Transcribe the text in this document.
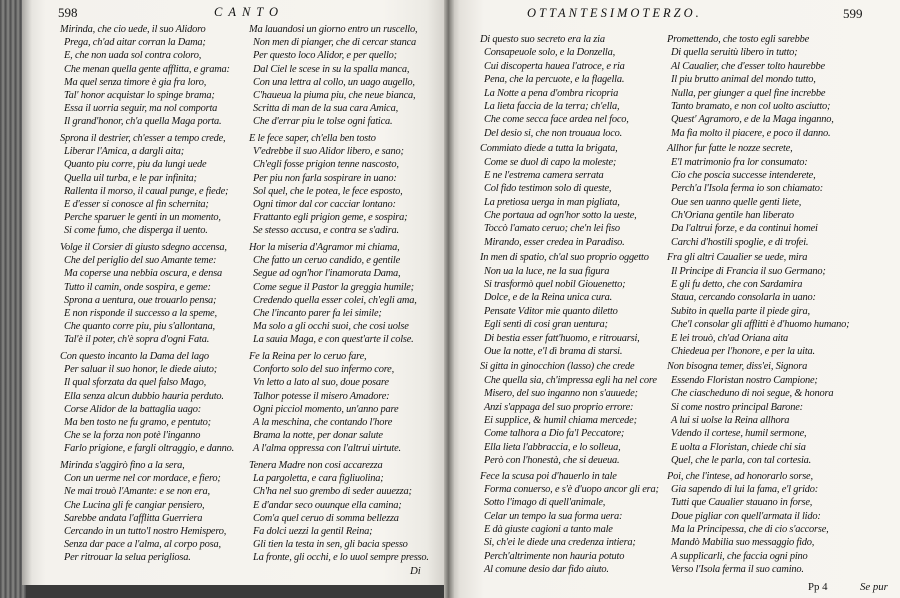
598	CANTO
Mirinda, che cio uede, il suo Alidoro
Prega, ch'ad aitar corran la Dama;
E, che non uada sol contra coloro,
Che menan quella gente afflitta, e grama:
Ma quel senza timore è gia fra loro,
Tal' honor acquistar lo spinge brama;
Essa il uorria seguir, ma nol comporta
Il grand'honor, ch'a quella Maga porta.
Sprona il destrier, ch'esser a tempo crede,
Liberar l'Amica, a dargli aita;
Quanto piu corre, piu da lungi uede
Quella uil turba, e le par infinita;
Rallenta il morso, il caual punge, e fiede;
E d'esser si conosce al fin schernita;
Perche sparuer le genti in un momento,
Si come fumo, che disperga il uento.
Volge il Corsier di giusto sdegno accensa,
Che del periglio del suo Amante teme:
Ma coperse una nebbia oscura, e densa
Tutto il camin, onde sospira, e geme:
Sprona a uentura, oue trouarlo pensa;
E non risponde il successo a la speme,
Che quanto corre piu, piu s'allontana,
Tal'è il poter, ch'è sopra d'ogni Fata.
Con questo incanto la Dama del lago
Per saluar il suo honor, le diede aiuto;
Il qual sforzata da quel falso Mago,
Ella senza alcun dubbio hauria perduto.
Corse Alidor de la battaglia uago:
Ma ben tosto ne fu gramo, e pentuto;
Che se la forza non potè l'inganno
Farlo prigione, e fargli oltraggio, e danno.
Mirinda s'aggirò fino a la sera,
Con un uerme nel cor mordace, e fiero;
Ne mai trouò l'Amante: e se non era,
Che Lucina gli fe cangiar pensiero,
Sarebbe andata l'afflitta Guerriera
Cercando in un tutto'l nostro Hemispero,
Senza dar pace a l'alma, al corpo posa,
Per ritrouar la selua perigliosa.
Ma lauandosi un giorno entro un ruscello,
Non men di pianger, che di cercar stanca
Per questo loco Alidor, e per quello;
Dal Ciel le scese in su la spalla manca,
Con una lettra al collo, un uago augello,
C'haueua la piuma piu, che neue bianca,
Scritta di man de la sua cara Amica,
Che d'errar piu le tolse ogni fatica.
E le fece saper, ch'ella ben tosto
V'edrebbe il suo Alidor libero, e sano;
Ch'egli fosse prigion tenne nascosto,
Per piu non farla sospirare in uano:
Sol quel, che le potea, le fece esposto,
Ogni timor dal cor cacciar lontano:
Frattanto egli prigion geme, e sospira;
Se stesso accusa, e contra se s'adira.
Hor la miseria d'Agramor mi chiama,
Che fatto un ceruo candido, e gentile
Segue ad ogn'hor l'inamorata Dama,
Come segue il Pastor la greggia humile;
Credendo quella esser colei, ch'egli ama,
Che l'incanto parer fa lei simile;
Ma solo a gli occhi suoi, che cosi uolse
La sauia Maga, e con quest'arte il colse.
Fe la Reina per lo ceruo fare,
Conforto solo del suo infermo core,
Vn letto a lato al suo, doue posare
Talhor potesse il misero Amadore:
Ogni picciol momento, un'anno pare
A la meschina, che contando l'hore
Brama la notte, per donar salute
A l'alma oppressa con l'altrui uirtute.
Tenera Madre non cosi accarezza
La pargoletta, e cara figliuolina;
Ch'ha nel suo grembo di seder auuezza;
E d'andar seco ouunque ella camina;
Com'a quel ceruo di somma bellezza
Fa dolci uezzi la gentil Reina;
Gli tien la testa in sen, gli bacia spesso
La fronte, gli occhi, e lo uuol sempre presso.
Di
OTTANTESIMOTERZO.	599
Di questo suo secreto era la zia
Consapeuole solo, e la Donzella,
Cui discoperta hauea l'atroce, e ria
Pena, che la percuote, e la flagella.
La Notte a pena d'ombra ricopria
La lieta faccia de la terra; ch'ella,
Che come secca face ardea nel foco,
Del desio si, che non trouaua loco.
Commiato diede a tutta la brigata,
Come se duol di capo la moleste;
E ne l'estrema camera serrata
Col fido testimon solo di queste,
La pretiosa uerga in man pigliata,
Che portaua ad ogn'hor sotto la ueste,
Toccò l'amato ceruo; che'n lei fiso
Mirando, esser credea in Paradiso.
In men di spatio, ch'al suo proprio oggetto
Non ua la luce, ne la sua figura
Si trasformò quel nobil Giouenetto;
Dolce, e de la Reina unica cura.
Pensate Vditor mie quanto diletto
Egli sentì di cosi gran uentura;
Di bestia esser fatt'huomo, e ritrouarsi,
Oue la notte, e'l dì brama di starsi.
Si gitta in ginocchion (lasso) che crede
Che quella sia, ch'impressa egli ha nel core
Misero, del suo inganno non s'auuede;
Anzi s'appaga del suo proprio errore:
Ei supplice, & humil chiama mercede;
Come talhora a Dio fa'l Peccatore;
Ella lieta l'abbraccia, e lo solleua,
Però con l'honestà, che si deueua.
Fece la scusa poi d'hauerlo in tale
Forma conuerso, e s'è d'uopo ancor gli era;
Sotto l'imago di quell'animale,
Celar un tempo la sua forma uera:
E dà giuste cagioni a tanto male
Si, ch'ei le diede una credenza intiera;
Perch'altrimente non hauria potuto
Al comune desio dar fido aiuto.
Promettendo, che tosto egli sarebbe
Di quella seruitù libero in tutto;
Al Caualier, che d'esser tolto haurebbe
Il piu brutto animal del mondo tutto,
Nulla, per giunger a quel fine increbbe
Tanto bramato, e non col uolto asciutto;
Quest' Agramoro, e de la Maga inganno,
Ma fia molto il piacere, e poco il danno.
Allhor fur fatte le nozze secrete,
E'l matrimonio fra lor consumato:
Cio che poscia successe intenderete,
Perch'a l'Isola ferma io son chiamato:
Oue sen uanno quelle genti liete,
Ch'Oriana gentile han liberato
Da l'altrui forze, e da continui homei
Carchi d'hostili spoglie, e di trofei.
Fra gli altri Caualier se uede, mira
Il Principe di Francia il suo Germano;
E gli fu detto, che con Sardamira
Staua, cercando consolarla in uano:
Subito in quella parte il piede gira,
Che'l consolar gli afflitti è d'huomo humano;
E lei trouò, ch'ad Oriana aita
Chiedeua per l'honore, e per la uita.
Non bisogna temer, diss'ei, Signora
Essendo Floristan nostro Campione;
Che ciascheduno di noi segue, & honora
Si come nostro principal Barone:
A lui si uolse la Reina allhora
Vdendo il cortese, humil sermone,
E uolta a Floristan, chiede chi sia
Quel, che le parla, con tal cortesia.
Poi, che l'intese, ad honorarlo sorse,
Gia sapendo di lui la fama, e'l grido:
Tutti que Caualier stauano in forse,
Doue pigliar con quell'armata il lido:
Ma la Principessa, che di cio s'accorse,
Mandò Mabilia suo messaggio fido,
A supplicarli, che faccia ogni pino
Verso l'Isola ferma il suo camino.
Pp 4	Se pur
